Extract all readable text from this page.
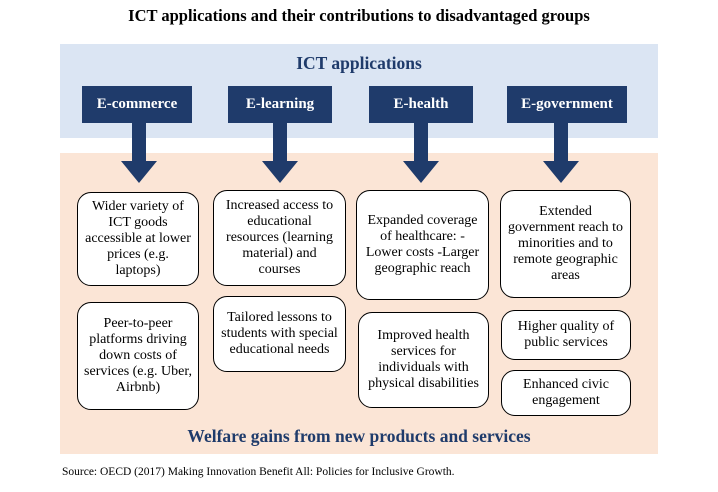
ICT applications and their contributions to disadvantaged groups
ICT applications
Welfare gains from new products and services
E-commerce	E-learning	E-health	E-government
Wider variety of ICT goods accessible at lower prices (e.g. laptops)
Peer-to-peer platforms driving down costs of services (e.g. Uber, Airbnb)
Increased access to educational resources (learning material) and courses
Tailored lessons to students with special educational needs
Expanded coverage of healthcare: -Lower costs -Larger geographic reach
Improved health services for individuals with physical disabilities
Extended government reach to minorities and to remote geographic areas
Higher quality of public services
Enhanced civic engagement
Source: OECD (2017) Making Innovation Benefit All: Policies for Inclusive Growth.
